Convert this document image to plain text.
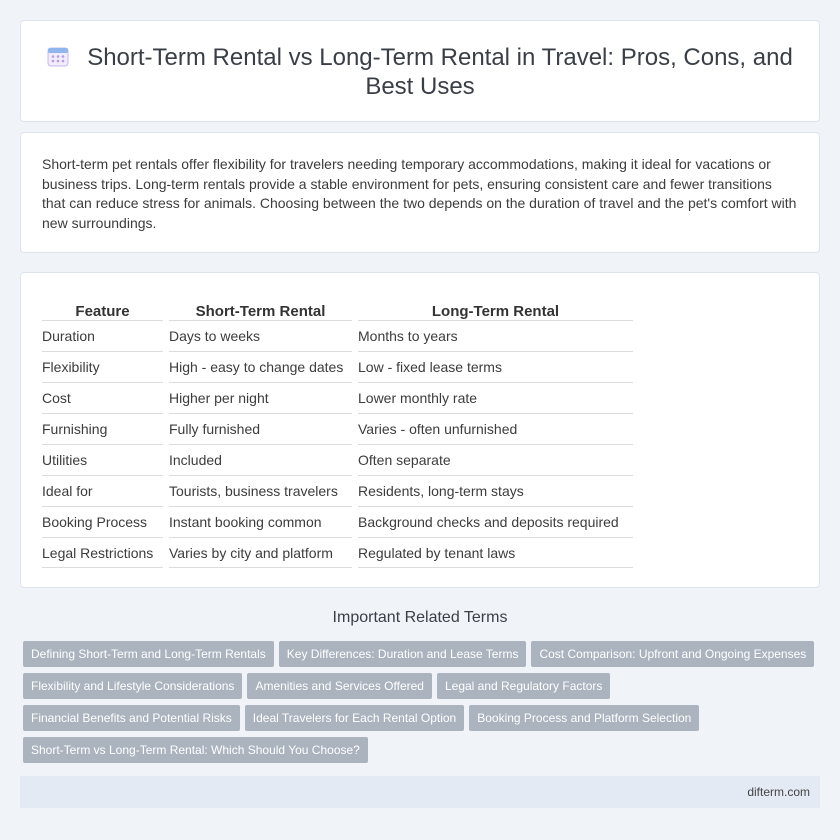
Short-Term Rental vs Long-Term Rental in Travel: Pros, Cons, and
Best Uses

Short-term pet rentals offer flexibility for travelers needing temporary accommodations, making it ideal for vacations or business trips. Long-term rentals provide a stable environment for pets, ensuring consistent care and fewer transitions that can reduce stress for animals. Choosing between the two depends on the duration of travel and the pet's comfort with new surroundings.

Feature	Short-Term Rental	Long-Term Rental
Duration	Days to weeks	Months to years
Flexibility	High - easy to change dates	Low - fixed lease terms
Cost	Higher per night	Lower monthly rate
Furnishing	Fully furnished	Varies - often unfurnished
Utilities	Included	Often separate
Ideal for	Tourists, business travelers	Residents, long-term stays
Booking Process	Instant booking common	Background checks and deposits required
Legal Restrictions	Varies by city and platform	Regulated by tenant laws
Important Related Terms
Defining Short-Term and Long-Term Rentals Key Differences: Duration and Lease Terms Cost Comparison: Upfront and Ongoing Expenses
Flexibility and Lifestyle Considerations Amenities and Services Offered Legal and Regulatory Factors
Financial Benefits and Potential Risks Ideal Travelers for Each Rental Option Booking Process and Platform Selection
Short-Term vs Long-Term Rental: Which Should You Choose?
difterm.com
